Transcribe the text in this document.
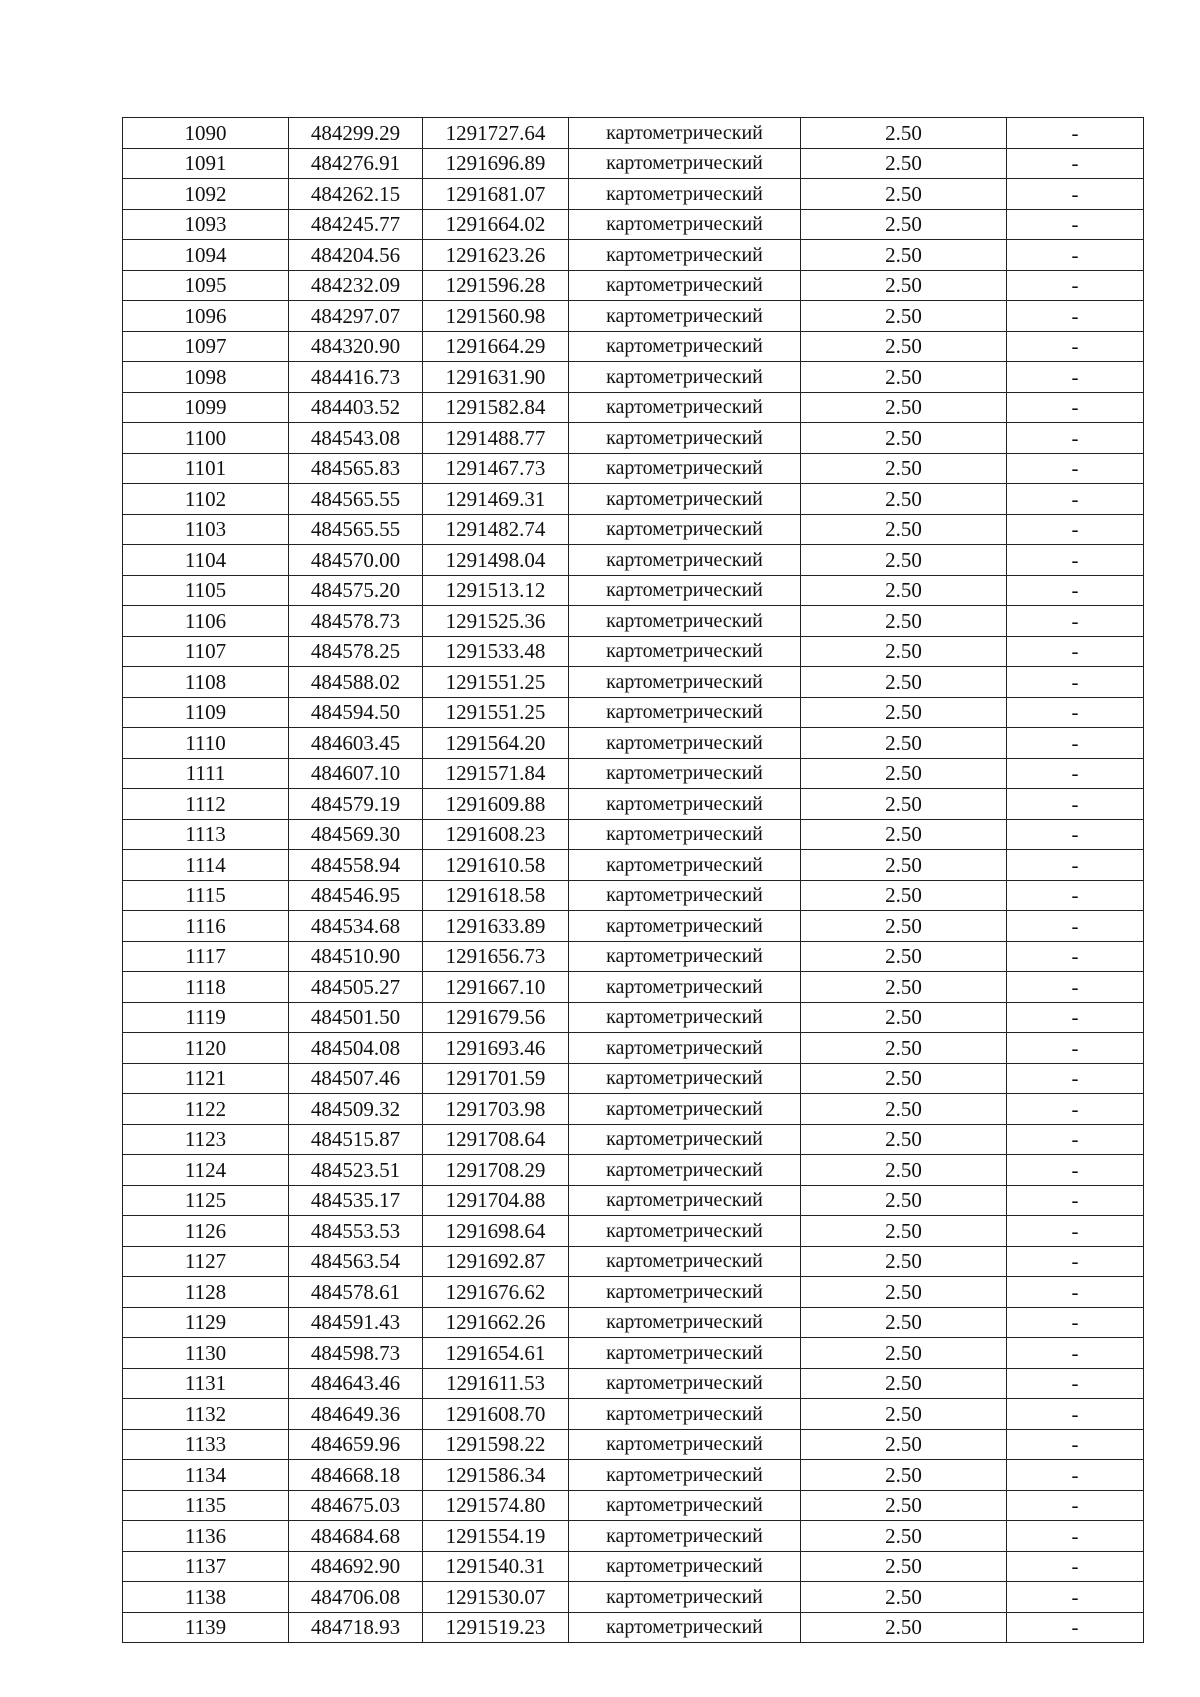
1090	484299.29	1291727.64	картометрический	2.50	-
1091	484276.91	1291696.89	картометрический	2.50	-
1092	484262.15	1291681.07	картометрический	2.50	-
1093	484245.77	1291664.02	картометрический	2.50	-
1094	484204.56	1291623.26	картометрический	2.50	-
1095	484232.09	1291596.28	картометрический	2.50	-
1096	484297.07	1291560.98	картометрический	2.50	-
1097	484320.90	1291664.29	картометрический	2.50	-
1098	484416.73	1291631.90	картометрический	2.50	-
1099	484403.52	1291582.84	картометрический	2.50	-
1100	484543.08	1291488.77	картометрический	2.50	-
1101	484565.83	1291467.73	картометрический	2.50	-
1102	484565.55	1291469.31	картометрический	2.50	-
1103	484565.55	1291482.74	картометрический	2.50	-
1104	484570.00	1291498.04	картометрический	2.50	-
1105	484575.20	1291513.12	картометрический	2.50	-
1106	484578.73	1291525.36	картометрический	2.50	-
1107	484578.25	1291533.48	картометрический	2.50	-
1108	484588.02	1291551.25	картометрический	2.50	-
1109	484594.50	1291551.25	картометрический	2.50	-
1110	484603.45	1291564.20	картометрический	2.50	-
1111	484607.10	1291571.84	картометрический	2.50	-
1112	484579.19	1291609.88	картометрический	2.50	-
1113	484569.30	1291608.23	картометрический	2.50	-
1114	484558.94	1291610.58	картометрический	2.50	-
1115	484546.95	1291618.58	картометрический	2.50	-
1116	484534.68	1291633.89	картометрический	2.50	-
1117	484510.90	1291656.73	картометрический	2.50	-
1118	484505.27	1291667.10	картометрический	2.50	-
1119	484501.50	1291679.56	картометрический	2.50	-
1120	484504.08	1291693.46	картометрический	2.50	-
1121	484507.46	1291701.59	картометрический	2.50	-
1122	484509.32	1291703.98	картометрический	2.50	-
1123	484515.87	1291708.64	картометрический	2.50	-
1124	484523.51	1291708.29	картометрический	2.50	-
1125	484535.17	1291704.88	картометрический	2.50	-
1126	484553.53	1291698.64	картометрический	2.50	-
1127	484563.54	1291692.87	картометрический	2.50	-
1128	484578.61	1291676.62	картометрический	2.50	-
1129	484591.43	1291662.26	картометрический	2.50	-
1130	484598.73	1291654.61	картометрический	2.50	-
1131	484643.46	1291611.53	картометрический	2.50	-
1132	484649.36	1291608.70	картометрический	2.50	-
1133	484659.96	1291598.22	картометрический	2.50	-
1134	484668.18	1291586.34	картометрический	2.50	-
1135	484675.03	1291574.80	картометрический	2.50	-
1136	484684.68	1291554.19	картометрический	2.50	-
1137	484692.90	1291540.31	картометрический	2.50	-
1138	484706.08	1291530.07	картометрический	2.50	-
1139	484718.93	1291519.23	картометрический	2.50	-
